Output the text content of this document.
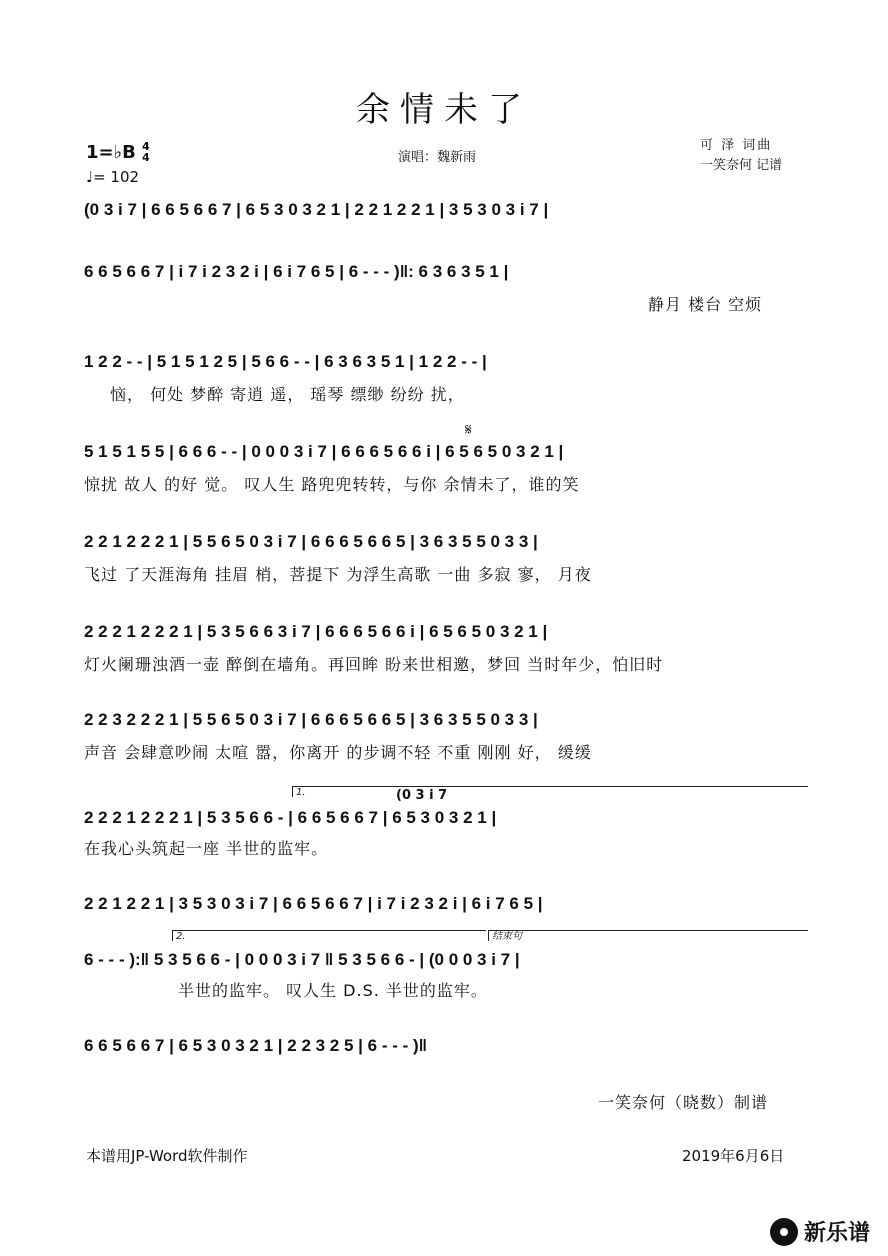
余情未了
1=♭B 4
4
♩= 102
演唱：魏新雨
可 泽 词曲
一笑奈何 记谱
(0 3 i 7 | 6 6 5 6 6 7 | 6 5 3 0 3 2 1 | 2 2 1 2 2 1 | 3 5 3 0 3 i 7 |
6 6 5 6 6 7 | i 7 i 2 3 2 i | 6 i 7 6 5 | 6 - - - )‖: 6 3 6 3 5 1 |
静月 楼台 空烦
1 2 2 - - | 5 1 5 1 2 5 | 5 6 6 - - | 6 3 6 3 5 1 | 1 2 2 - - |
恼， 何处 梦醉 寄逍 遥， 瑶琴 缥缈 纷纷 扰，
𝄋
5 1 5 1 5 5 | 6 6 6 - - | 0 0 0 3 i 7 | 6 6 6 5 6 6 i | 6 5 6 5 0 3 2 1 |
惊扰 故人 的好 觉。 叹人生 路兜兜转转，与你 余情未了，谁的笑
2 2 1 2 2 2 1 | 5 5 6 5 0 3 i 7 | 6 6 6 5 6 6 5 | 3 6 3 5 5 0 3 3 |
飞过 了天涯海角 挂眉 梢，菩提下 为浮生高歌 一曲 多寂 寥， 月夜
2 2 2 1 2 2 2 1 | 5 3 5 6 6 3 i 7 | 6 6 6 5 6 6 i | 6 5 6 5 0 3 2 1 |
灯火阑珊浊酒一壶 醉倒在墙角。再回眸 盼来世相邀，梦回 当时年少，怕旧时
2 2 3 2 2 2 1 | 5 5 6 5 0 3 i 7 | 6 6 6 5 6 6 5 | 3 6 3 5 5 0 3 3 |
声音 会肆意吵闹 太喧 嚣，你离开 的步调不轻 不重 刚刚 好， 缓缓
1.	(0 3 i 7
2 2 2 1 2 2 2 1 | 5 3 5 6 6 - | 6 6 5 6 6 7 | 6 5 3 0 3 2 1 |
在我心头筑起一座 半世的监牢。
2 2 1 2 2 1 | 3 5 3 0 3 i 7 | 6 6 5 6 6 7 | i 7 i 2 3 2 i | 6 i 7 6 5 |
2.	结束句
6 - - - ):‖ 5 3 5 6 6 - | 0 0 0 3 i 7 ‖ 5 3 5 6 6 - | (0 0 0 3 i 7 |
半世的监牢。 叹人生 D.S. 半世的监牢。
6 6 5 6 6 7 | 6 5 3 0 3 2 1 | 2 2 3 2 5 | 6 - - - )‖
一笑奈何（晓数）制谱
本谱用JP-Word软件制作	2019年6月6日
新乐谱
